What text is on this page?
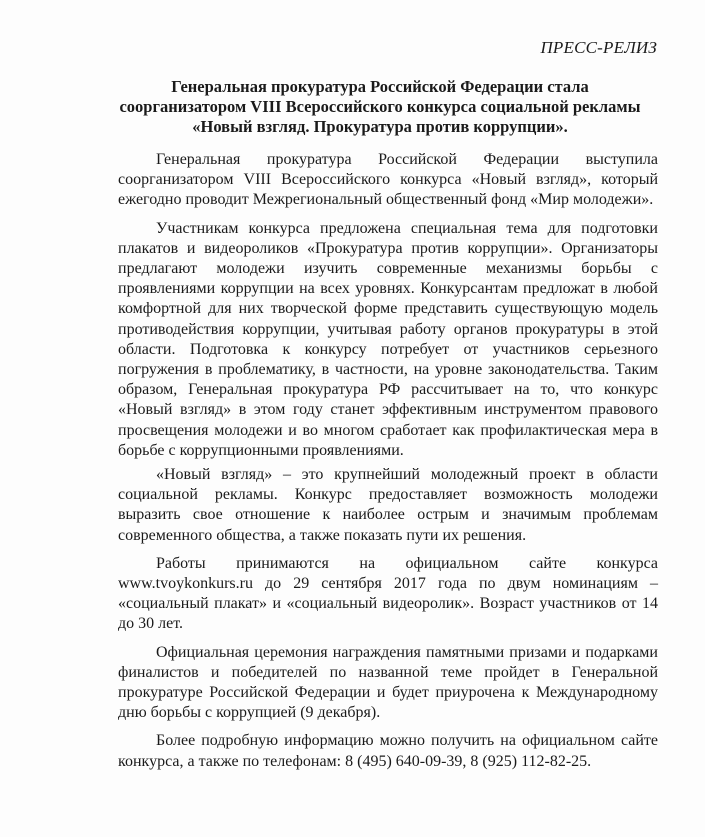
ПРЕСС-РЕЛИЗ
Генеральная прокуратура Российской Федерации стала
соорганизатором VIII Всероссийского конкурса социальной рекламы
«Новый взгляд. Прокуратура против коррупции».

Генеральная прокуратура Российской Федерации выступила соорганизатором VIII Всероссийского конкурса «Новый взгляд», который ежегодно проводит Межрегиональный общественный фонд «Мир молодежи».

Участникам конкурса предложена специальная тема для подготовки плакатов и видеороликов «Прокуратура против коррупции». Организаторы предлагают молодежи изучить современные механизмы борьбы с проявлениями коррупции на всех уровнях. Конкурсантам предложат в любой комфортной для них творческой форме представить существующую модель противодействия коррупции, учитывая работу органов прокуратуры в этой области. Подготовка к конкурсу потребует от участников серьезного погружения в проблематику, в частности, на уровне законодательства. Таким образом, Генеральная прокуратура РФ рассчитывает на то, что конкурс «Новый взгляд» в этом году станет эффективным инструментом правового просвещения молодежи и во многом сработает как профилактическая мера в борьбе с коррупционными проявлениями.

«Новый взгляд» – это крупнейший молодежный проект в области социальной рекламы. Конкурс предоставляет возможность молодежи выразить свое отношение к наиболее острым и значимым проблемам современного общества, а также показать пути их решения.

Работы принимаются на официальном сайте конкурса www.tvoykonkurs.ru до 29 сентября 2017 года по двум номинациям – «социальный плакат» и «социальный видеоролик». Возраст участников от 14 до 30 лет.

Официальная церемония награждения памятными призами и подарками финалистов и победителей по названной теме пройдет в Генеральной прокуратуре Российской Федерации и будет приурочена к Международному дню борьбы с коррупцией (9 декабря).

Более подробную информацию можно получить на официальном сайте конкурса, а также по телефонам: 8 (495) 640-09-39, 8 (925) 112-82-25.
